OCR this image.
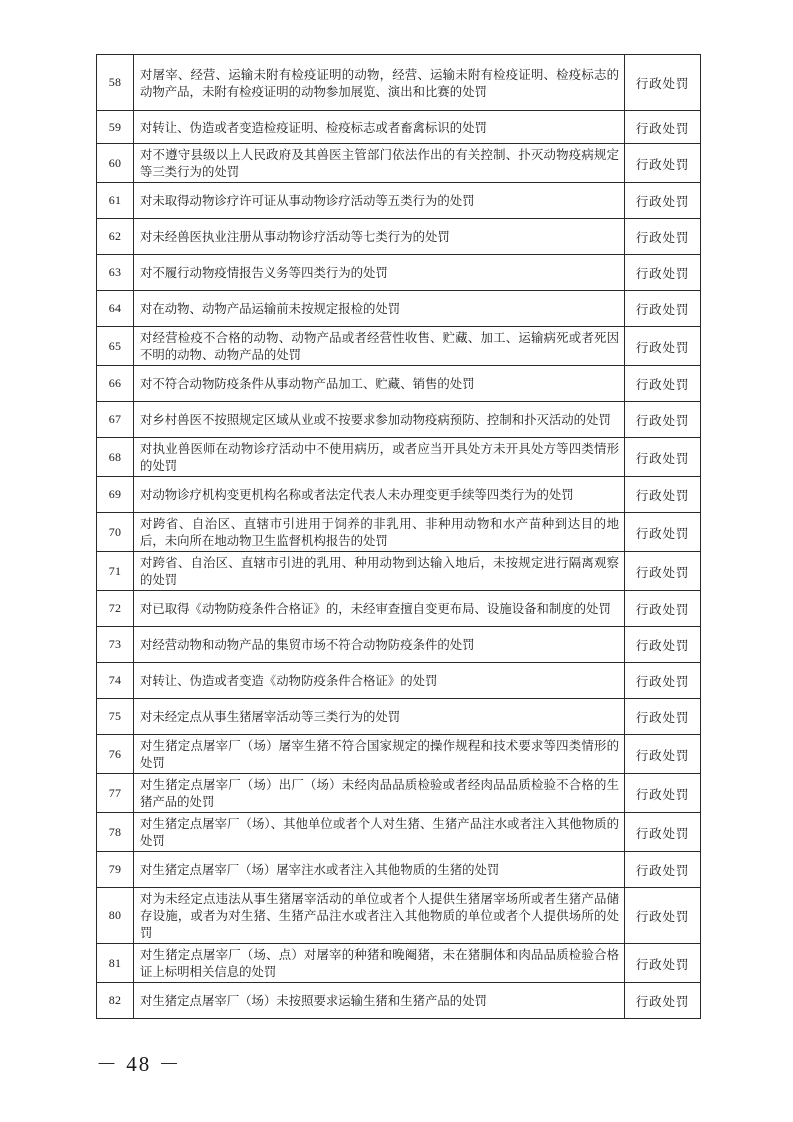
58	对屠宰、经营、运输未附有检疫证明的动物，经营、运输未附有检疫证明、检疫标志的动物产品，未附有检疫证明的动物参加展览、演出和比赛的处罚	行政处罚
59	对转让、伪造或者变造检疫证明、检疫标志或者畜禽标识的处罚	行政处罚
60	对不遵守县级以上人民政府及其兽医主管部门依法作出的有关控制、扑灭动物疫病规定等三类行为的处罚	行政处罚
61	对未取得动物诊疗许可证从事动物诊疗活动等五类行为的处罚	行政处罚
62	对未经兽医执业注册从事动物诊疗活动等七类行为的处罚	行政处罚
63	对不履行动物疫情报告义务等四类行为的处罚	行政处罚
64	对在动物、动物产品运输前未按规定报检的处罚	行政处罚
65	对经营检疫不合格的动物、动物产品或者经营性收售、贮藏、加工、运输病死或者死因不明的动物、动物产品的处罚	行政处罚
66	对不符合动物防疫条件从事动物产品加工、贮藏、销售的处罚	行政处罚
67	对乡村兽医不按照规定区域从业或不按要求参加动物疫病预防、控制和扑灭活动的处罚	行政处罚
68	对执业兽医师在动物诊疗活动中不使用病历，或者应当开具处方未开具处方等四类情形的处罚	行政处罚
69	对动物诊疗机构变更机构名称或者法定代表人未办理变更手续等四类行为的处罚	行政处罚
70	对跨省、自治区、直辖市引进用于饲养的非乳用、非种用动物和水产苗种到达目的地后，未向所在地动物卫生监督机构报告的处罚	行政处罚
71	对跨省、自治区、直辖市引进的乳用、种用动物到达输入地后，未按规定进行隔离观察的处罚	行政处罚
72	对已取得《动物防疫条件合格证》的，未经审查擅自变更布局、设施设备和制度的处罚	行政处罚
73	对经营动物和动物产品的集贸市场不符合动物防疫条件的处罚	行政处罚
74	对转让、伪造或者变造《动物防疫条件合格证》的处罚	行政处罚
75	对未经定点从事生猪屠宰活动等三类行为的处罚	行政处罚
76	对生猪定点屠宰厂（场）屠宰生猪不符合国家规定的操作规程和技术要求等四类情形的处罚	行政处罚
77	对生猪定点屠宰厂（场）出厂（场）未经肉品品质检验或者经肉品品质检验不合格的生猪产品的处罚	行政处罚
78	对生猪定点屠宰厂（场）、其他单位或者个人对生猪、生猪产品注水或者注入其他物质的处罚	行政处罚
79	对生猪定点屠宰厂（场）屠宰注水或者注入其他物质的生猪的处罚	行政处罚
80	对为未经定点违法从事生猪屠宰活动的单位或者个人提供生猪屠宰场所或者生猪产品储存设施，或者为对生猪、生猪产品注水或者注入其他物质的单位或者个人提供场所的处罚	行政处罚
81	对生猪定点屠宰厂（场、点）对屠宰的种猪和晚阉猪，未在猪胴体和肉品品质检验合格证上标明相关信息的处罚	行政处罚
82	对生猪定点屠宰厂（场）未按照要求运输生猪和生猪产品的处罚	行政处罚
－ 48 －
